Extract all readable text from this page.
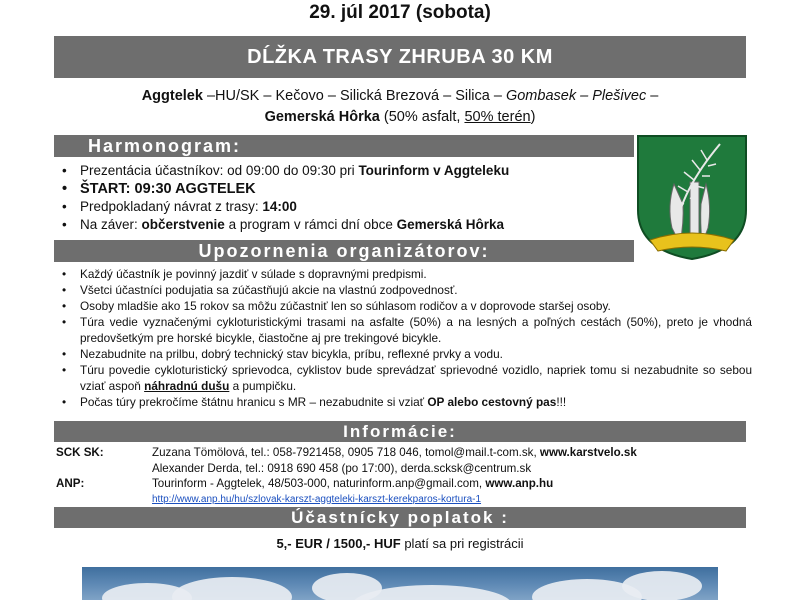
29. júl 2017 (sobota)
DĹŽKA TRASY ZHRUBA 30 KM
Aggtelek –HU/SK – Kečovo – Silická Brezová – Silica – Gombasek – Plešivec –
Gemerská Hôrka (50% asfalt, 50% terén)
Harmonogram:
• Prezentácia účastníkov: od 09:00 do 09:30 pri Tourinform v Aggteleku
• ŠTART: 09:30 AGGTELEK
• Predpokladaný návrat z trasy: 14:00
• Na záver: občerstvenie a program v rámci dní obce Gemerská Hôrka
Upozornenia organizátorov:
• Každý účastník je povinný jazdiť v súlade s dopravnými predpismi.
• Všetci účastníci podujatia sa zúčastňujú akcie na vlastnú zodpovednosť.
• Osoby mladšie ako 15 rokov sa môžu zúčastniť len so súhlasom rodičov a v doprovode staršej osoby.
• Túra vedie vyznačenými cykloturistickými trasami na asfalte (50%) a na lesných a poľných cestách (50%), preto je vhodná predovšetkým pre horské bicykle, čiastočne aj pre trekingové bicykle.
• Nezabudnite na prilbu, dobrý technický stav bicykla, príbu, reflexné prvky a vodu.
• Túru povedie cykloturistický sprievodca, cyklistov bude sprevádzať sprievodné vozidlo, napriek tomu si nezabudnite so sebou vziať aspoň náhradnú dušu a pumpičku.
• Počas túry prekročíme štátnu hranicu s MR – nezabudnite si vziať OP alebo cestovný pas!!!
Informácie:
SCK SK:	Zuzana Tömölová, tel.: 058-7921458, 0905 718 046, tomol@mail.t-com.sk, www.karstvelo.sk
Alexander Derda, tel.: 0918 690 458 (po 17:00), derda.scksk@centrum.sk
ANP:	Tourinform - Aggtelek, 48/503-000, naturinform.anp@gmail.com, www.anp.hu
http://www.anp.hu/hu/szlovak-karszt-aggteleki-karszt-kerekparos-kortura-1
Účastnícky poplatok :
5,- EUR / 1500,- HUF platí sa pri registrácii
